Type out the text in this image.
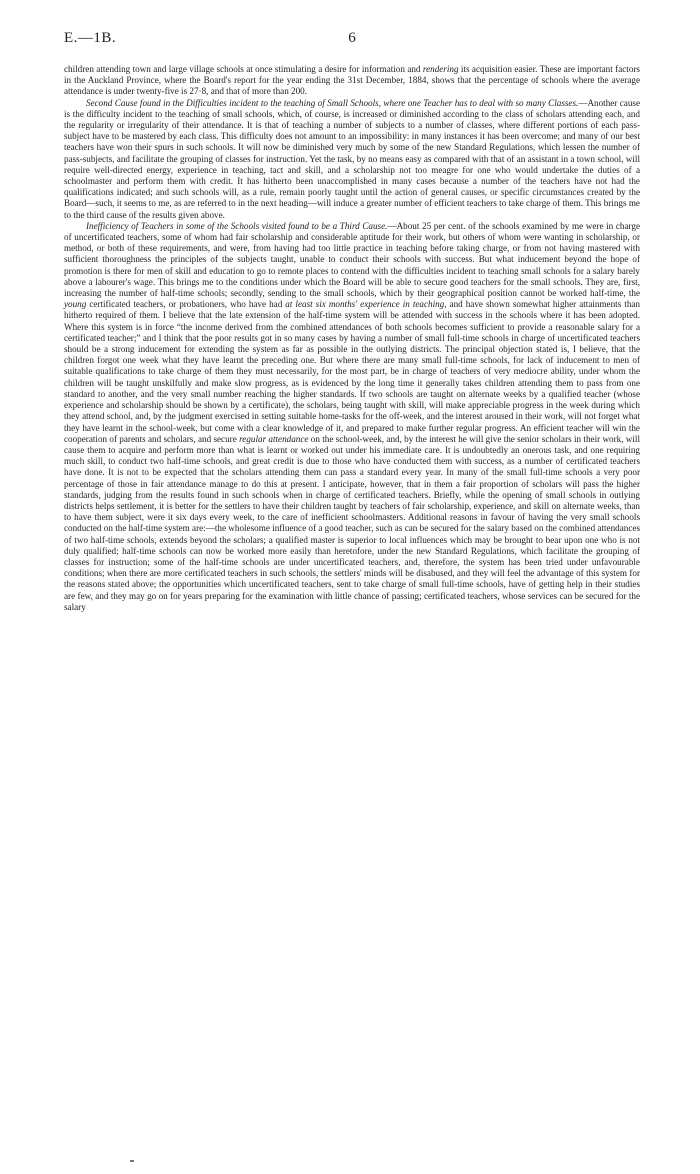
E.—1B.	6

children attending town and large village schools at once stimulating a desire for information and rendering its acquisition easier. These are important factors in the Auckland Province, where the Board's report for the year ending the 31st December, 1884, shows that the percentage of schools where the average attendance is under twenty-five is 27·8, and that of more than 200.

Second Cause found in the Difficulties incident to the teaching of Small Schools, where one Teacher has to deal with so many Classes.—Another cause is the difficulty incident to the teaching of small schools, which, of course, is increased or diminished according to the class of scholars attending each, and the regularity or irregularity of their attendance. It is that of teaching a number of subjects to a number of classes, where different portions of each pass-subject have to be mastered by each class. This difficulty does not amount to an impossibility: in many instances it has been overcome; and many of our best teachers have won their spurs in such schools. It will now be diminished very much by some of the new Standard Regulations, which lessen the number of pass-subjects, and facilitate the grouping of classes for instruction. Yet the task, by no means easy as compared with that of an assistant in a town school, will require well-directed energy, experience in teaching, tact and skill, and a scholarship not too meagre for one who would undertake the duties of a schoolmaster and perform them with credit. It has hitherto been unaccomplished in many cases because a number of the teachers have not had the qualifications indicated; and such schools will, as a rule, remain poorly taught until the action of general causes, or specific circumstances created by the Board—such, it seems to me, as are referred to in the next heading—will induce a greater number of efficient teachers to take charge of them. This brings me to the third cause of the results given above.

Inefficiency of Teachers in some of the Schools visited found to be a Third Cause.—About 25 per cent. of the schools examined by me were in charge of uncertificated teachers, some of whom had fair scholarship and considerable aptitude for their work, but others of whom were wanting in scholarship, or method, or both of these requirements, and were, from having had too little practice in teaching before taking charge, or from not having mastered with sufficient thoroughness the principles of the subjects taught, unable to conduct their schools with success. But what inducement beyond the hope of promotion is there for men of skill and education to go to remote places to contend with the difficulties incident to teaching small schools for a salary barely above a labourer's wage. This brings me to the conditions under which the Board will be able to secure good teachers for the small schools. They are, first, increasing the number of half-time schools; secondly, sending to the small schools, which by their geographical position cannot be worked half-time, the young certificated teachers, or probationers, who have had at least six months' experience in teaching, and have shown somewhat higher attainments than hitherto required of them. I believe that the late extension of the half-time system will be attended with success in the schools where it has been adopted. Where this system is in force “the income derived from the combined attendances of both schools becomes sufficient to provide a reasonable salary for a certificated teacher;” and I think that the poor results got in so many cases by having a number of small full-time schools in charge of uncertificated teachers should be a strong inducement for extending the system as far as possible in the outlying districts. The principal objection stated is, I believe, that the children forgot one week what they have learnt the preceding one. But where there are many small full-time schools, for lack of inducement to men of suitable qualifications to take charge of them they must necessarily, for the most part, be in charge of teachers of very mediocre ability, under whom the children will be taught unskilfully and make slow progress, as is evidenced by the long time it generally takes children attending them to pass from one standard to another, and the very small number reaching the higher standards. If two schools are taught on alternate weeks by a qualified teacher (whose experience and scholarship should be shown by a certificate), the scholars, being taught with skill, will make appreciable progress in the week during which they attend school, and, by the judgment exercised in setting suitable home-tasks for the off-week, and the interest aroused in their work, will not forget what they have learnt in the school-week, but come with a clear knowledge of it, and prepared to make further regular progress. An efficient teacher will win the cooperation of parents and scholars, and secure regular attendance on the school-week, and, by the interest he will give the senior scholars in their work, will cause them to acquire and perform more than what is learnt or worked out under his immediate care. It is undoubtedly an onerous task, and one requiring much skill, to conduct two half-time schools, and great credit is due to those who have conducted them with success, as a number of certificated teachers have done. It is not to be expected that the scholars attending them can pass a standard every year. In many of the small full-time schools a very poor percentage of those in fair attendance manage to do this at present. I anticipate, however, that in them a fair proportion of scholars will pass the higher standards, judging from the results found in such schools when in charge of certificated teachers. Briefly, while the opening of small schools in outlying districts helps settlement, it is better for the settlers to have their children taught by teachers of fair scholarship, experience, and skill on alternate weeks, than to have them subject, were it six days every week, to the care of inefficient schoolmasters. Additional reasons in favour of having the very small schools conducted on the half-time system are:—the wholesome influence of a good teacher, such as can be secured for the salary based on the combined attendances of two half-time schools, extends beyond the scholars; a qualified master is superior to local influences which may be brought to bear upon one who is not duly qualified; half-time schools can now be worked more easily than heretofore, under the new Standard Regulations, which facilitate the grouping of classes for instruction; some of the half-time schools are under uncertificated teachers, and, therefore, the system has been tried under unfavourable conditions; when there are more certificated teachers in such schools, the settlers' minds will be disabused, and they will feel the advantage of this system for the reasons stated above; the opportunities which uncertificated teachers, sent to take charge of small full-time schools, have of getting help in their studies are few, and they may go on for years preparing for the examination with little chance of passing; certificated teachers, whose services can be secured for the salary
